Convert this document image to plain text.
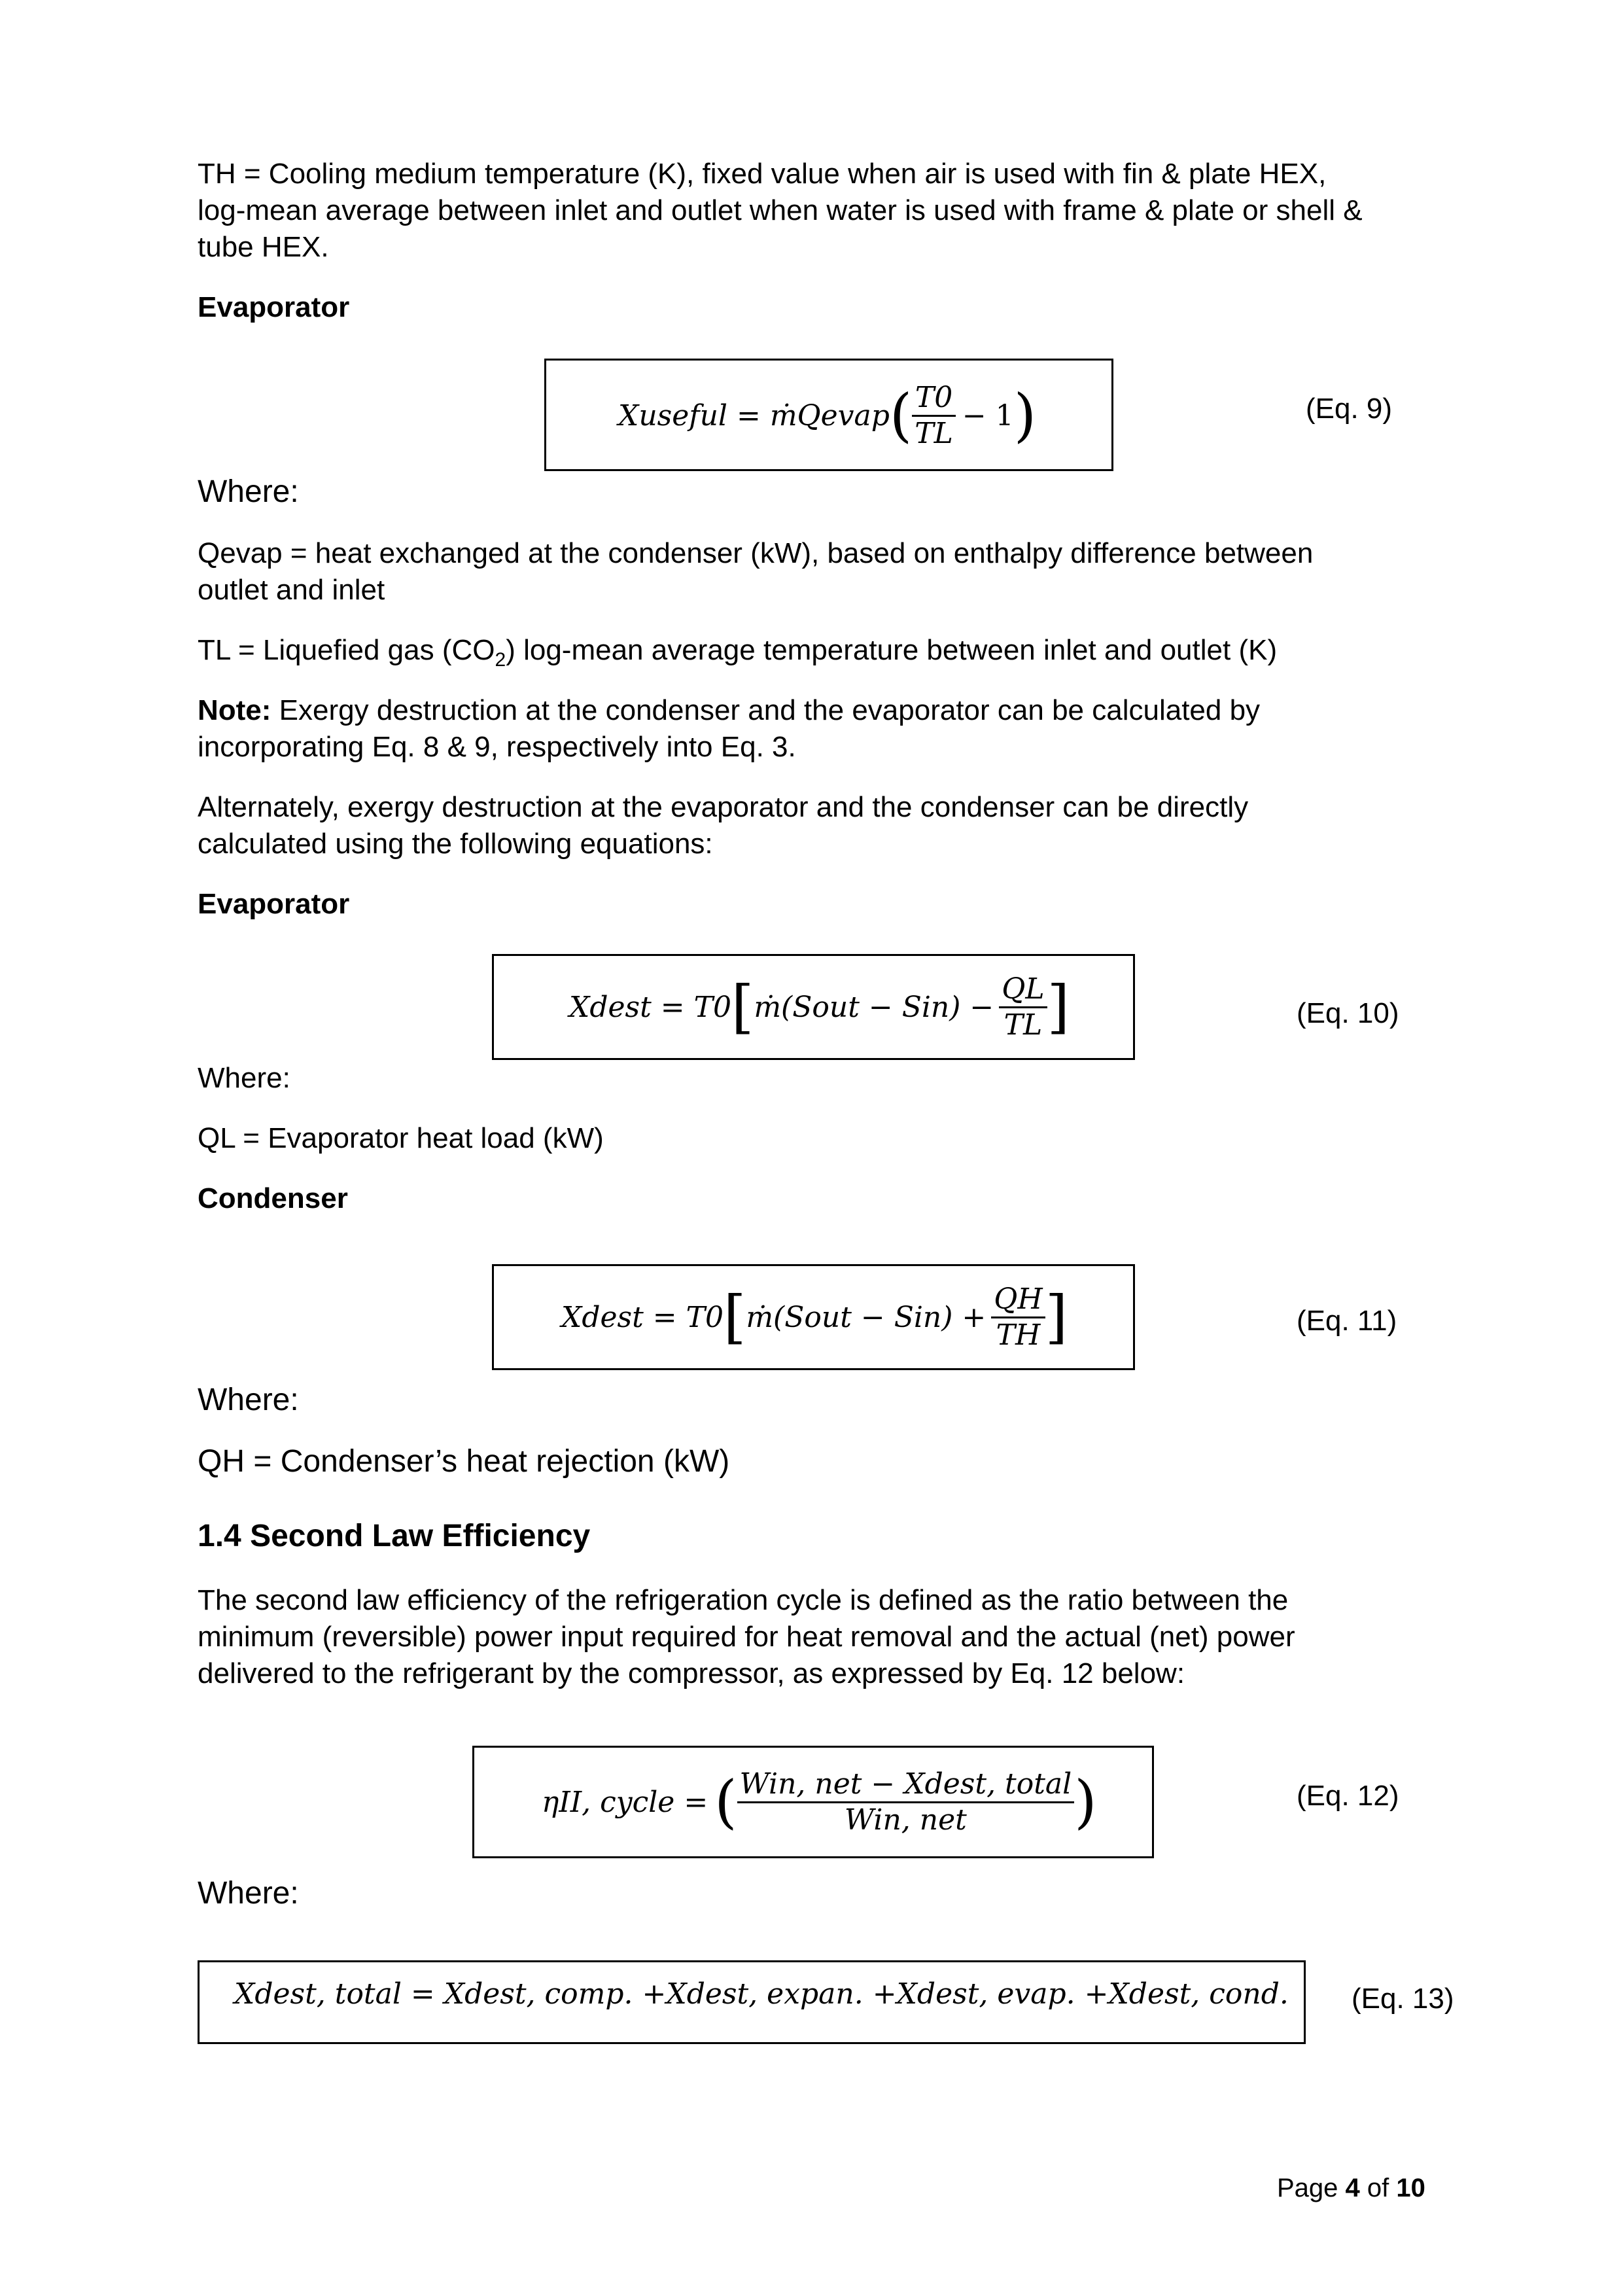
TH = Cooling medium temperature (K), fixed value when air is used with fin & plate HEX,
log-mean average between inlet and outlet when water is used with frame & plate or shell &
tube HEX.
Evaporator
Xuseful = ṁQevap ( $\frac{T0}{TL} - 1$ )	(Eq. 9)
Where:
Qevap = heat exchanged at the condenser (kW), based on enthalpy difference between
outlet and inlet
TL = Liquefied gas $(CO_2)$ log-mean average temperature between inlet and outlet (K)
Note: Exergy destruction at the condenser and the evaporator can be calculated by
incorporating Eq. 8 & 9, respectively into Eq. 3.
Alternately, exergy destruction at the evaporator and the condenser can be directly
calculated using the following equations:
Evaporator
Xdest = T0 [ ṁ(Sout − $Sin) - \frac{QL}{TL}$ ]	(Eq. 10)
Where:
QL = Evaporator heat load (kW)
Condenser
Xdest = T0 [ ṁ(Sout − $Sin) + \frac{QH}{TH}$ ]	(Eq. 11)
Where:
QH = Condenser’s heat rejection (kW)
1.4 Second Law Efficiency
The second law efficiency of the refrigeration cycle is defined as the ratio between the
minimum (reversible) power input required for heat removal and the actual (net) power
delivered to the refrigerant by the compressor, as expressed by Eq. 12 below:
ηII, cycle = ( $\frac{\text{Win, net − Xdest, total}}{\text{Win, net}}$ )	(Eq. 12)
Where:
Xdest, total = Xdest, comp. +Xdest, expan. +Xdest, evap. +Xdest, cond. (Eq. 13)
Page 4 of 10
